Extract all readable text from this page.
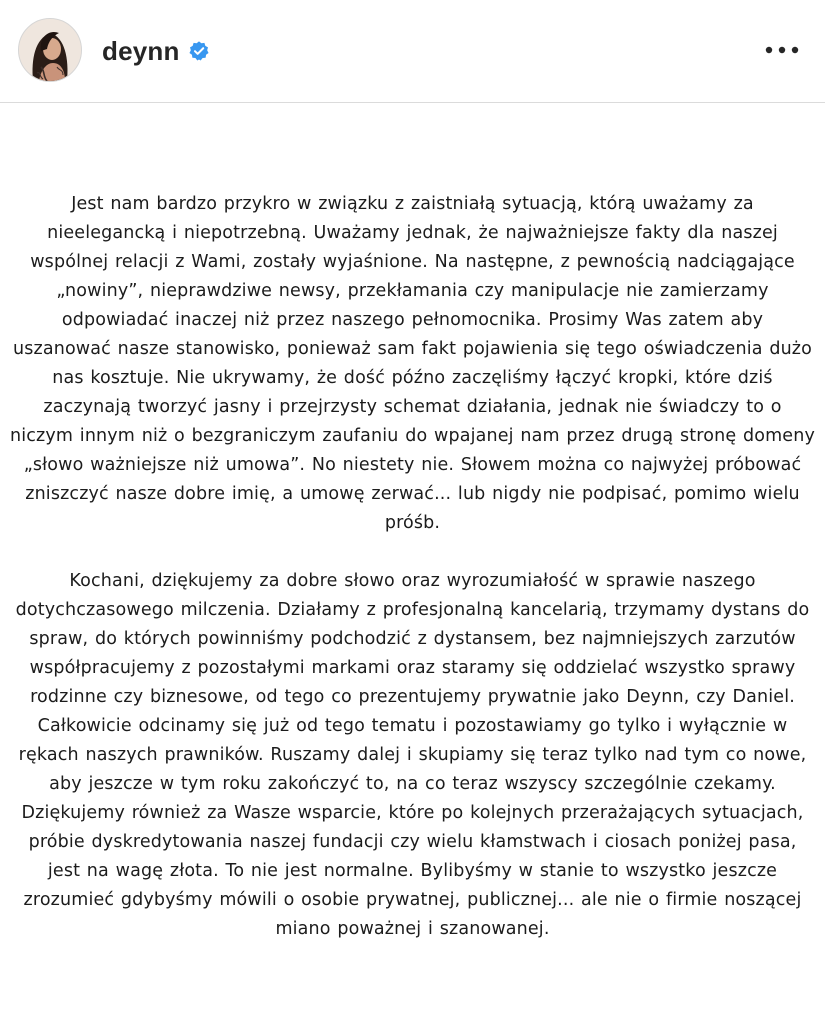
deynn

Jest nam bardzo przykro w związku z zaistniałą sytuacją, którą uważamy za nieelegancką i niepotrzebną. Uważamy jednak, że najważniejsze fakty dla naszej wspólnej relacji z Wami, zostały wyjaśnione. Na następne, z pewnością nadciągające „nowiny”, nieprawdziwe newsy, przekłamania czy manipulacje nie zamierzamy odpowiadać inaczej niż przez naszego pełnomocnika. Prosimy Was zatem aby uszanować nasze stanowisko, ponieważ sam fakt pojawienia się tego oświadczenia dużo nas kosztuje. Nie ukrywamy, że dość późno zaczęliśmy łączyć kropki, które dziś zaczynają tworzyć jasny i przejrzysty schemat działania, jednak nie świadczy to o niczym innym niż o bezgraniczym zaufaniu do wpajanej nam przez drugą stronę domeny „słowo ważniejsze niż umowa”. No niestety nie. Słowem można co najwyżej próbować zniszczyć nasze dobre imię, a umowę zerwać... lub nigdy nie podpisać, pomimo wielu próśb.

Kochani, dziękujemy za dobre słowo oraz wyrozumiałość w sprawie naszego dotychczasowego milczenia. Działamy z profesjonalną kancelarią, trzymamy dystans do spraw, do których powinniśmy podchodzić z dystansem, bez najmniejszych zarzutów współpracujemy z pozostałymi markami oraz staramy się oddzielać wszystko sprawy rodzinne czy biznesowe, od tego co prezentujemy prywatnie jako Deynn, czy Daniel. Całkowicie odcinamy się już od tego tematu i pozostawiamy go tylko i wyłącznie w rękach naszych prawników. Ruszamy dalej i skupiamy się teraz tylko nad tym co nowe, aby jeszcze w tym roku zakończyć to, na co teraz wszyscy szczególnie czekamy. Dziękujemy również za Wasze wsparcie, które po kolejnych przerażających sytuacjach, próbie dyskredytowania naszej fundacji czy wielu kłamstwach i ciosach poniżej pasa, jest na wagę złota. To nie jest normalne. Bylibyśmy w stanie to wszystko jeszcze zrozumieć gdybyśmy mówili o osobie prywatnej, publicznej... ale nie o firmie noszącej miano poważnej i szanowanej.
